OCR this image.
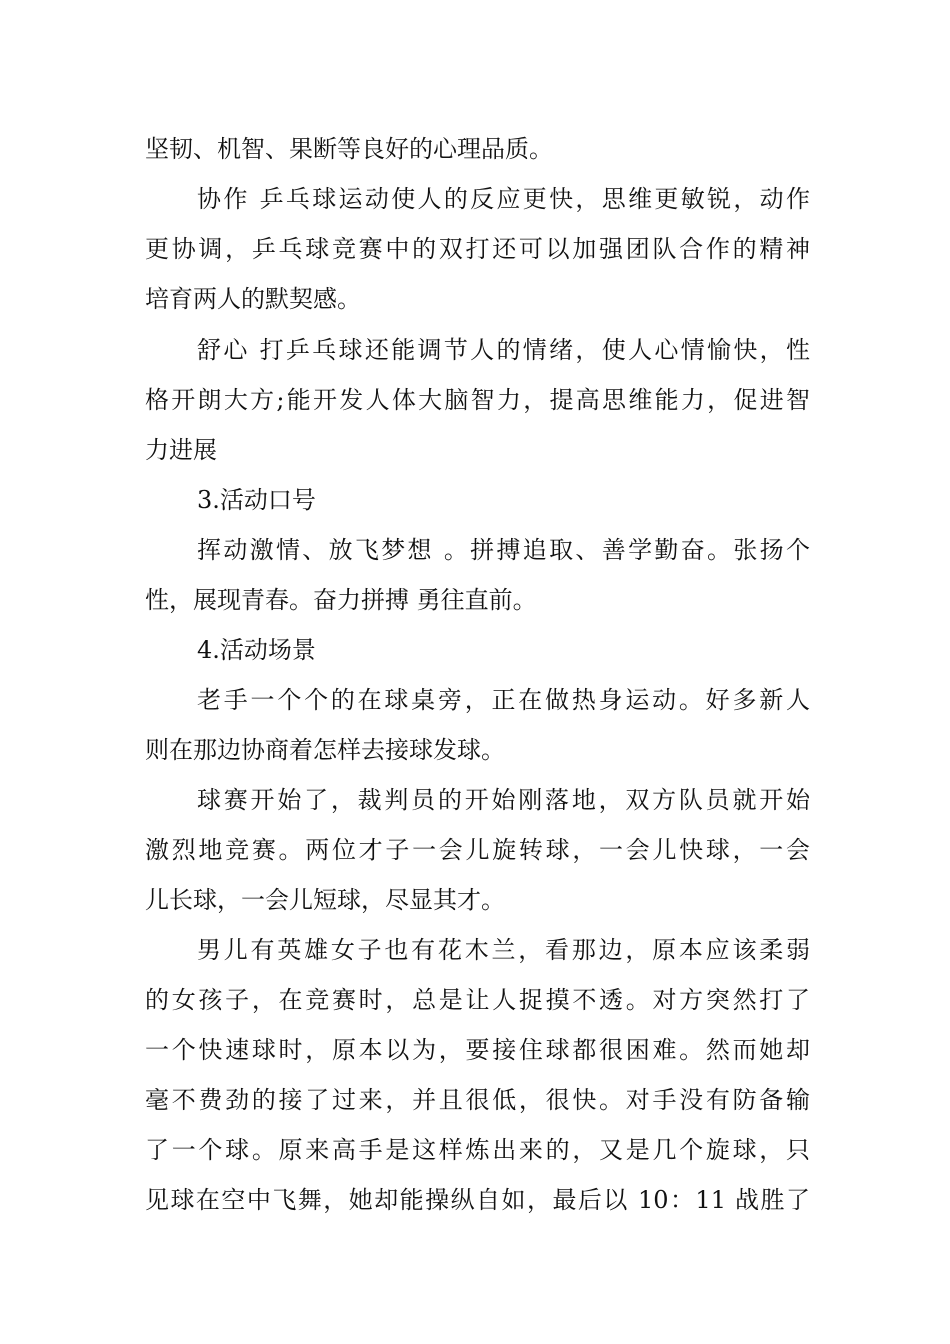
坚韧、机智、果断等良好的心理品质。
协作 乒乓球运动使人的反应更快，思维更敏锐，动作
更协调，乒乓球竞赛中的双打还可以加强团队合作的精神
培育两人的默契感。
舒心 打乒乓球还能调节人的情绪，使人心情愉快，性
格开朗大方;能开发人体大脑智力，提高思维能力，促进智
力进展
3.活动口号
挥动激情、放飞梦想 。拼搏追取、善学勤奋。张扬个
性，展现青春。奋力拼搏 勇往直前。
4.活动场景
老手一个个的在球桌旁，正在做热身运动。好多新人
则在那边协商着怎样去接球发球。
球赛开始了，裁判员的开始刚落地，双方队员就开始
激烈地竞赛。两位才子一会儿旋转球，一会儿快球，一会
儿长球，一会儿短球，尽显其才。
男儿有英雄女子也有花木兰，看那边，原本应该柔弱
的女孩子，在竞赛时，总是让人捉摸不透。对方突然打了
一个快速球时，原本以为，要接住球都很困难。然而她却
毫不费劲的接了过来，并且很低，很快。对手没有防备输
了一个球。原来高手是这样炼出来的，又是几个旋球，只
见球在空中飞舞，她却能操纵自如，最后以 10：11 战胜了
